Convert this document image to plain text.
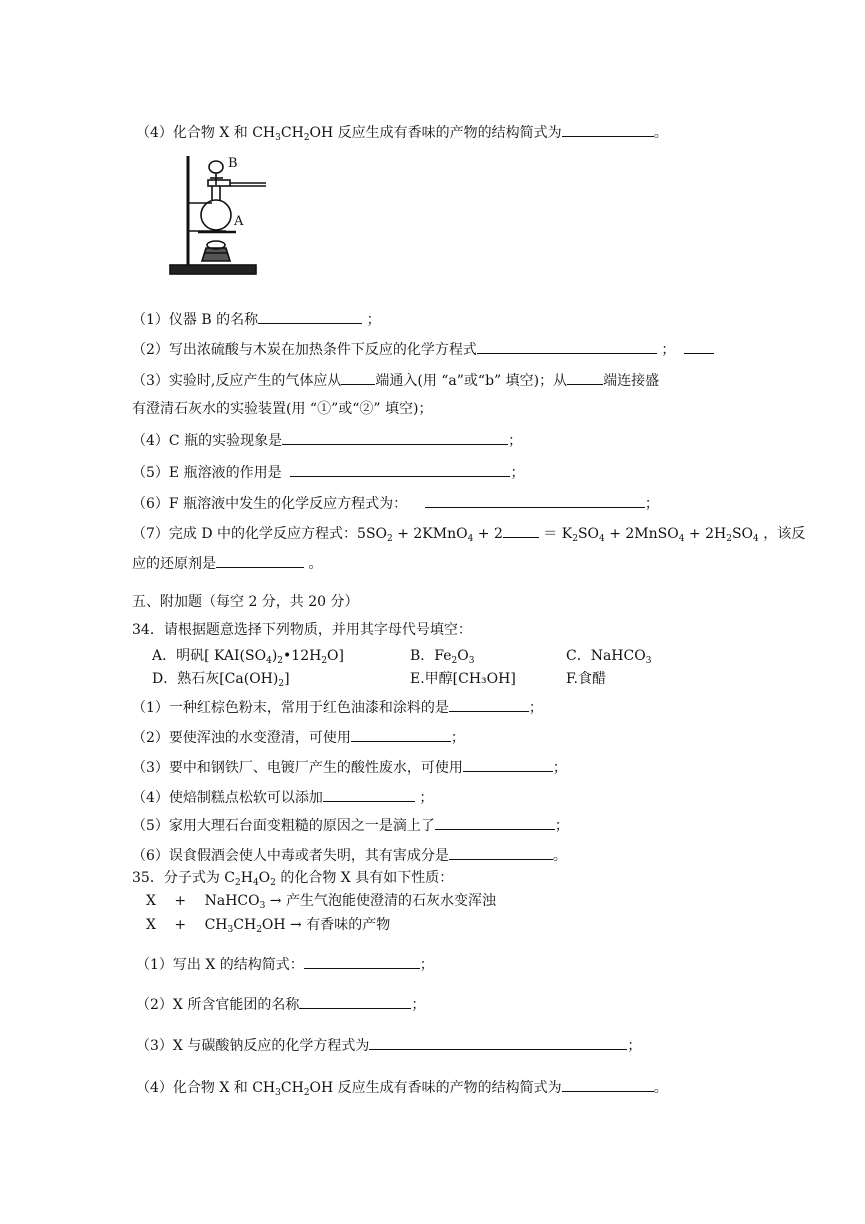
（4）化合物 X 和 $CH_3CH_2OH$ 反应生成有香味的产物的结构简式为	。
B
A
（1）仪器 B 的名称	；
（2）写出浓硫酸与木炭在加热条件下反应的化学方程式	；
（3）实验时,反应产生的气体应从 端通入(用 “a”或“b” 填空)；从	端连接盛
有澄清石灰水的实验装置(用 “①”或“②” 填空)；
（4）C 瓶的实验现象是	；
（5）E 瓶溶液的作用是	；
（6）F 瓶溶液中发生的化学反应方程式为：	；
（7）完成 D 中的化学反应方程式：$5SO_2$ + 2KMnO$_4$ + 2	＝ $K_2SO_4$ + 2MnSO$_4$ + $2H_2SO_4$ ，该反
应的还原剂是	。
五、附加题（每空 2 分，共 20 分）
34．请根据题意选择下列物质，并用其字母代号填空：
A．明矾[ $KAI(SO_4)_2•12H_2O$]	B．$Fe_2O_3$	C．NaHCO$_3$
D．熟石灰$[Ca(OH)_2]$	E.甲醇[CH₃OH]	F.食醋
（1）一种红棕色粉末，常用于红色油漆和涂料的是	；
（2）要使浑浊的水变澄清，可使用	；
（3）要中和钢铁厂、电镀厂产生的酸性废水，可使用	；
（4）使焙制糕点松软可以添加	；
（5）家用大理石台面变粗糙的原因之一是滴上了	；
（6）误食假酒会使人中毒或者失明，其有害成分是	。
35．分子式为 $C_2H_4O_2$ 的化合物 X 具有如下性质：
X　 +　 NaHCO$_3$ → 产生气泡能使澄清的石灰水变浑浊
X　 +　 $CH_3CH_2OH$ → 有香味的产物
（1）写出 X 的结构简式：	；
（2）X 所含官能团的名称	；
（3）X 与碳酸钠反应的化学方程式为	；
（4）化合物 X 和 $CH_3CH_2OH$ 反应生成有香味的产物的结构简式为	。
